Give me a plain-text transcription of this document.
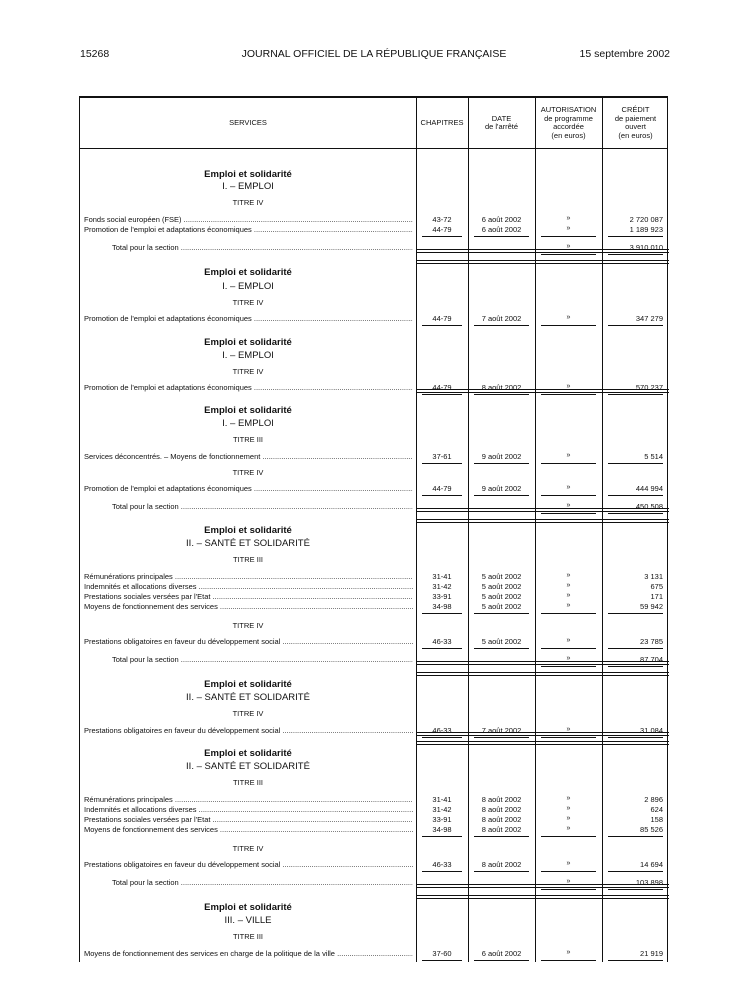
15268	JOURNAL OFFICIEL DE LA RÉPUBLIQUE FRANÇAISE	15 septembre 2002
SERVICES	CHAPITRES	DATE
de l'arrêté
AUTORISATION
de programme
accordée
(en euros)
CRÉDIT
de paiement
ouvert
(en euros)
Emploi et solidarité
I. – EMPLOI
TITRE IV
Fonds social européen (FSE) .....	43-72	6 août 2002	»	2 720 087
Promotion de l'emploi et adaptations économiques .....	44-79	6 août 2002	»	1 189 923
Total pour la section .....	»	3 910 010
Emploi et solidarité
I. – EMPLOI
TITRE IV
Promotion de l'emploi et adaptations économiques .....	44-79	7 août 2002	»	347 279
Emploi et solidarité
I. – EMPLOI
TITRE IV
Promotion de l'emploi et adaptations économiques .....	44-79	8 août 2002	»	570 237
Emploi et solidarité
I. – EMPLOI
TITRE III
Services déconcentrés. – Moyens de fonctionnement .....	37-61	9 août 2002	»	5 514
TITRE IV
Promotion de l'emploi et adaptations économiques .....	44-79	9 août 2002	»	444 994
Total pour la section .....	»	450 508
Emploi et solidarité
II. – SANTÉ ET SOLIDARITÉ
TITRE III
Rémunérations principales .....	31-41	5 août 2002	»	3 131
Indemnités et allocations diverses .....	31-42	5 août 2002	»	675
Prestations sociales versées par l'Etat .....	33-91	5 août 2002	»	171
Moyens de fonctionnement des services .....	34-98	5 août 2002	»	59 942
TITRE IV
Prestations obligatoires en faveur du développement social .....	46-33	5 août 2002	»	23 785
Total pour la section .....	»	87 704
Emploi et solidarité
II. – SANTÉ ET SOLIDARITÉ
TITRE IV
Prestations obligatoires en faveur du développement social .....	46-33	7 août 2002	»	31 084
Emploi et solidarité
II. – SANTÉ ET SOLIDARITÉ
TITRE III
Rémunérations principales .....	31-41	8 août 2002	»	2 896
Indemnités et allocations diverses .....	31-42	8 août 2002	»	624
Prestations sociales versées par l'Etat .....	33-91	8 août 2002	»	158
Moyens de fonctionnement des services .....	34-98	8 août 2002	»	85 526
TITRE IV
Prestations obligatoires en faveur du développement social .....	46-33	8 août 2002	»	14 694
Total pour la section .....	»	103 898
Emploi et solidarité
III. – VILLE
TITRE III
Moyens de fonctionnement des services en charge de la politique de la ville .....	37-60	6 août 2002	»	21 919
